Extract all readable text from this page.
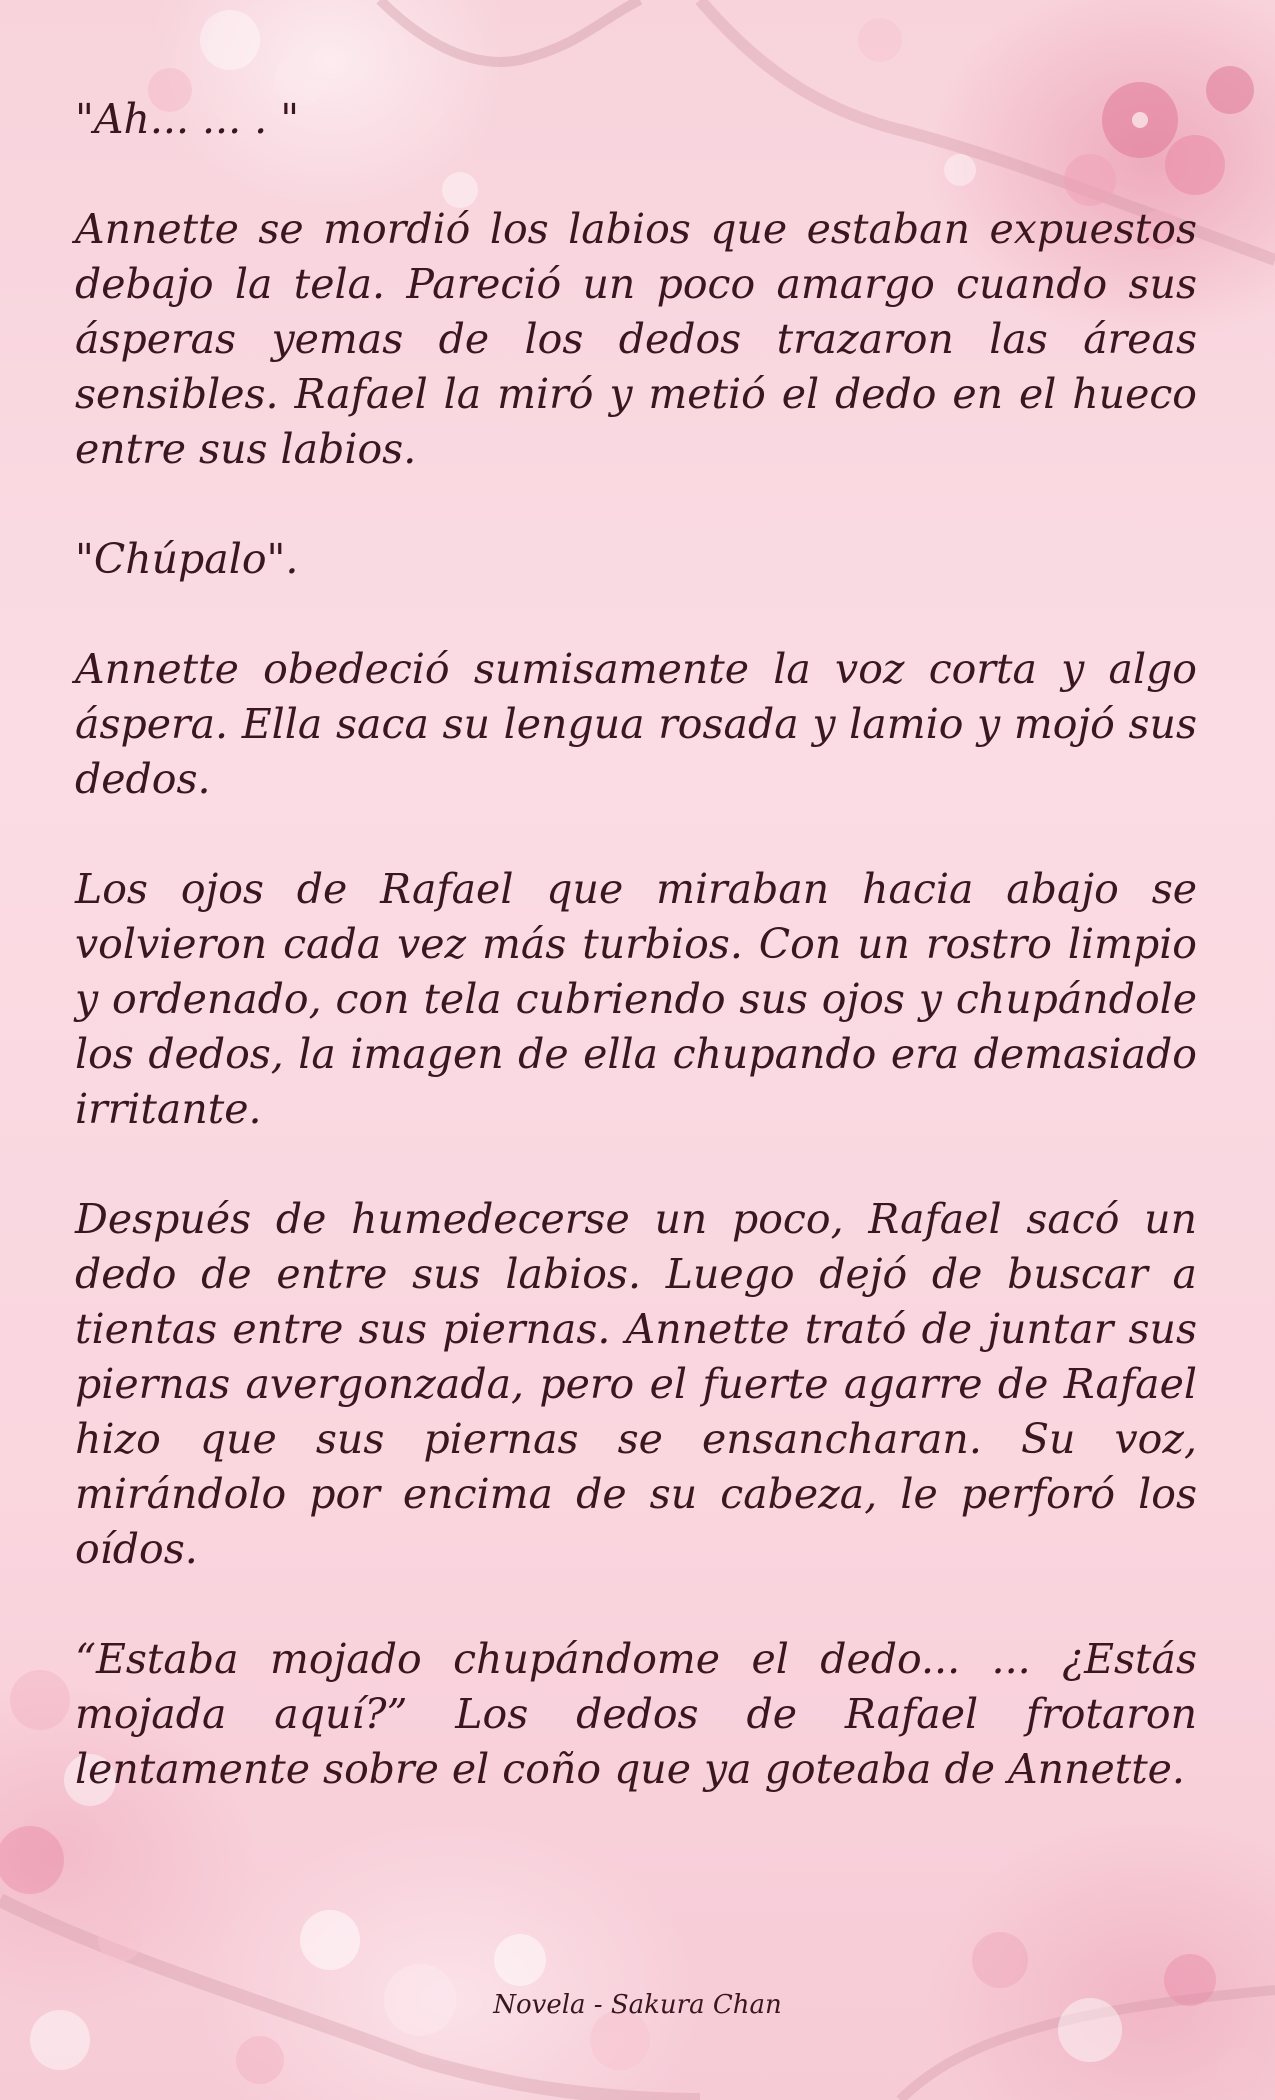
"Ah... ... . "

Annette se mordió los labios que estaban expuestos debajo la tela. Pareció un poco amargo cuando sus ásperas yemas de los dedos trazaron las áreas sensibles. Rafael la miró y metió el dedo en el hueco entre sus labios.

"Chúpalo".

Annette obedeció sumisamente la voz corta y algo áspera. Ella saca su lengua rosada y lamio y mojó sus dedos.

Los ojos de Rafael que miraban hacia abajo se volvieron cada vez más turbios. Con un rostro limpio y ordenado, con tela cubriendo sus ojos y chupándole los dedos, la imagen de ella chupando era demasiado irritante.

Después de humedecerse un poco, Rafael sacó un dedo de entre sus labios. Luego dejó de buscar a tientas entre sus piernas. Annette trató de juntar sus piernas avergonzada, pero el fuerte agarre de Rafael hizo que sus piernas se ensancharan. Su voz, mirándolo por encima de su cabeza, le perforó los oídos.

“Estaba mojado chupándome el dedo... ... ¿Estás mojada aquí?” Los dedos de Rafael frotaron lentamente sobre el coño que ya goteaba de Annette.

Novela - Sakura Chan
